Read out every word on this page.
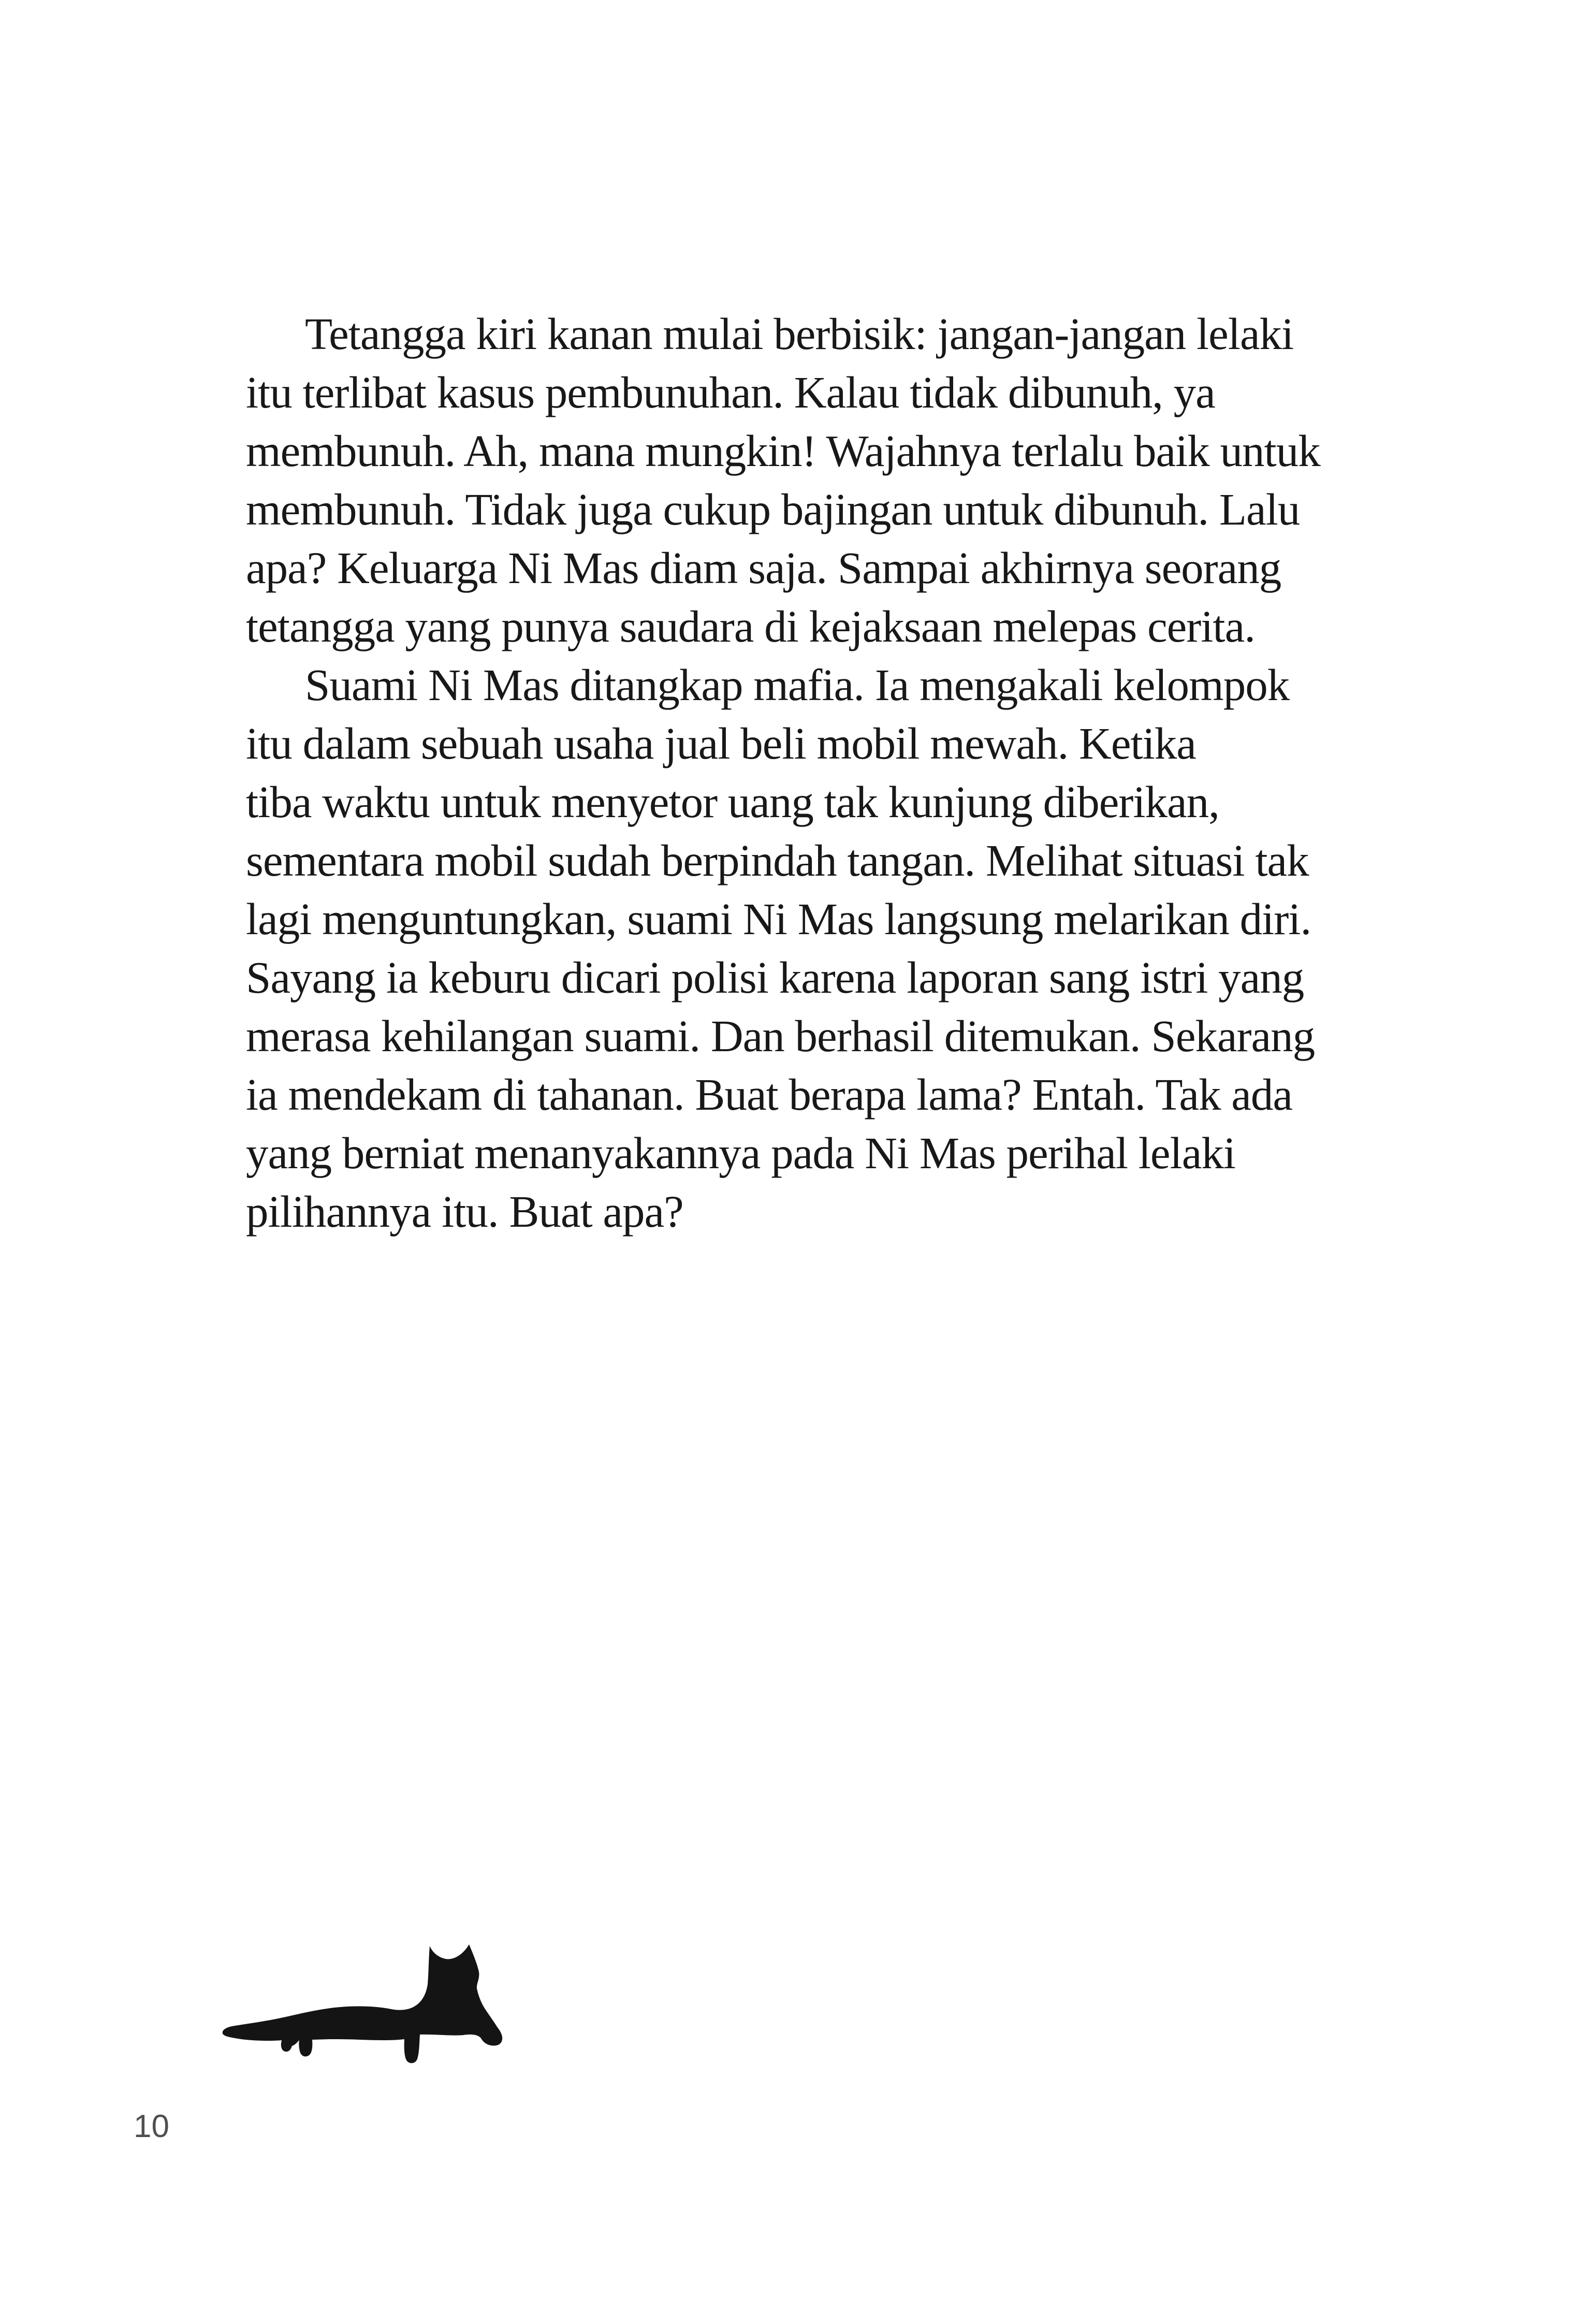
Tetangga kiri kanan mulai berbisik: jangan-jangan lelaki
itu terlibat kasus pembunuhan. Kalau tidak dibunuh, ya
membunuh. Ah, mana mungkin! Wajahnya terlalu baik untuk
membunuh. Tidak juga cukup bajingan untuk dibunuh. Lalu
apa? Keluarga Ni Mas diam saja. Sampai akhirnya seorang
tetangga yang punya saudara di kejaksaan melepas cerita.
Suami Ni Mas ditangkap mafia. Ia mengakali kelompok
itu dalam sebuah usaha jual beli mobil mewah. Ketika
tiba waktu untuk menyetor uang tak kunjung diberikan,
sementara mobil sudah berpindah tangan. Melihat situasi tak
lagi menguntungkan, suami Ni Mas langsung melarikan diri.
Sayang ia keburu dicari polisi karena laporan sang istri yang
merasa kehilangan suami. Dan berhasil ditemukan. Sekarang
ia mendekam di tahanan. Buat berapa lama? Entah. Tak ada
yang berniat menanyakannya pada Ni Mas perihal lelaki
pilihannya itu. Buat apa?
10
